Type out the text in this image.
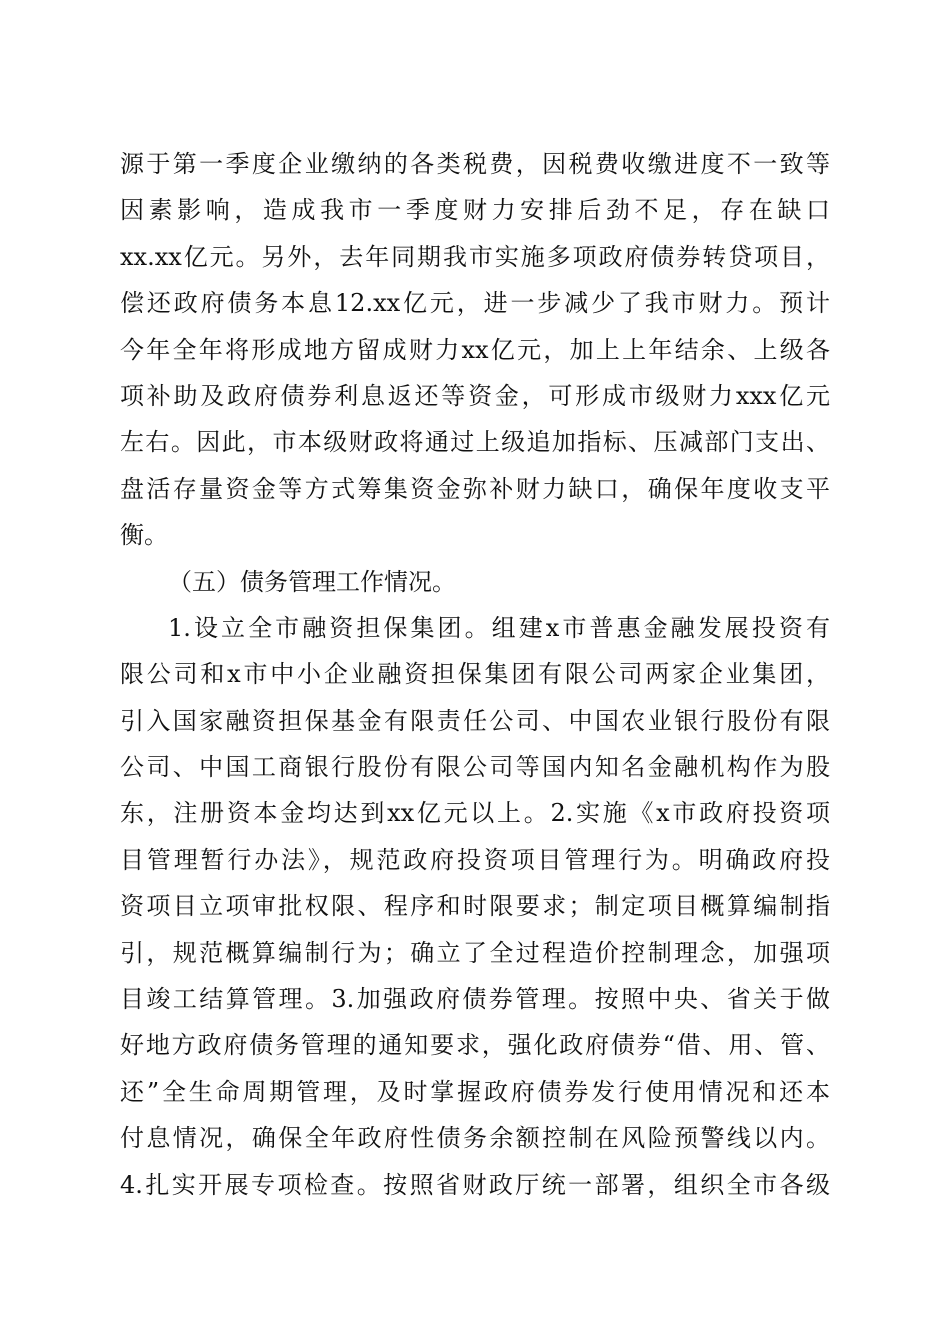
源于第一季度企业缴纳的各类税费，因税费收缴进度不一致等
因素影响，造成我市一季度财力安排后劲不足，存在缺口
xx.xx亿元。另外，去年同期我市实施多项政府债券转贷项目，
偿还政府债务本息12.xx亿元，进一步减少了我市财力。预计
今年全年将形成地方留成财力xx亿元，加上上年结余、上级各
项补助及政府债券利息返还等资金，可形成市级财力xxx亿元
左右。因此，市本级财政将通过上级追加指标、压减部门支出、
盘活存量资金等方式筹集资金弥补财力缺口，确保年度收支平
衡。
（五）债务管理工作情况。
1.设立全市融资担保集团。组建x市普惠金融发展投资有
限公司和x市中小企业融资担保集团有限公司两家企业集团，
引入国家融资担保基金有限责任公司、中国农业银行股份有限
公司、中国工商银行股份有限公司等国内知名金融机构作为股
东，注册资本金均达到xx亿元以上。2.实施《x市政府投资项
目管理暂行办法》，规范政府投资项目管理行为。明确政府投
资项目立项审批权限、程序和时限要求；制定项目概算编制指
引，规范概算编制行为；确立了全过程造价控制理念，加强项
目竣工结算管理。3.加强政府债券管理。按照中央、省关于做
好地方政府债务管理的通知要求，强化政府债券“借、用、管、
还”全生命周期管理，及时掌握政府债券发行使用情况和还本
付息情况，确保全年政府性债务余额控制在风险预警线以内。
4.扎实开展专项检查。按照省财政厅统一部署，组织全市各级
